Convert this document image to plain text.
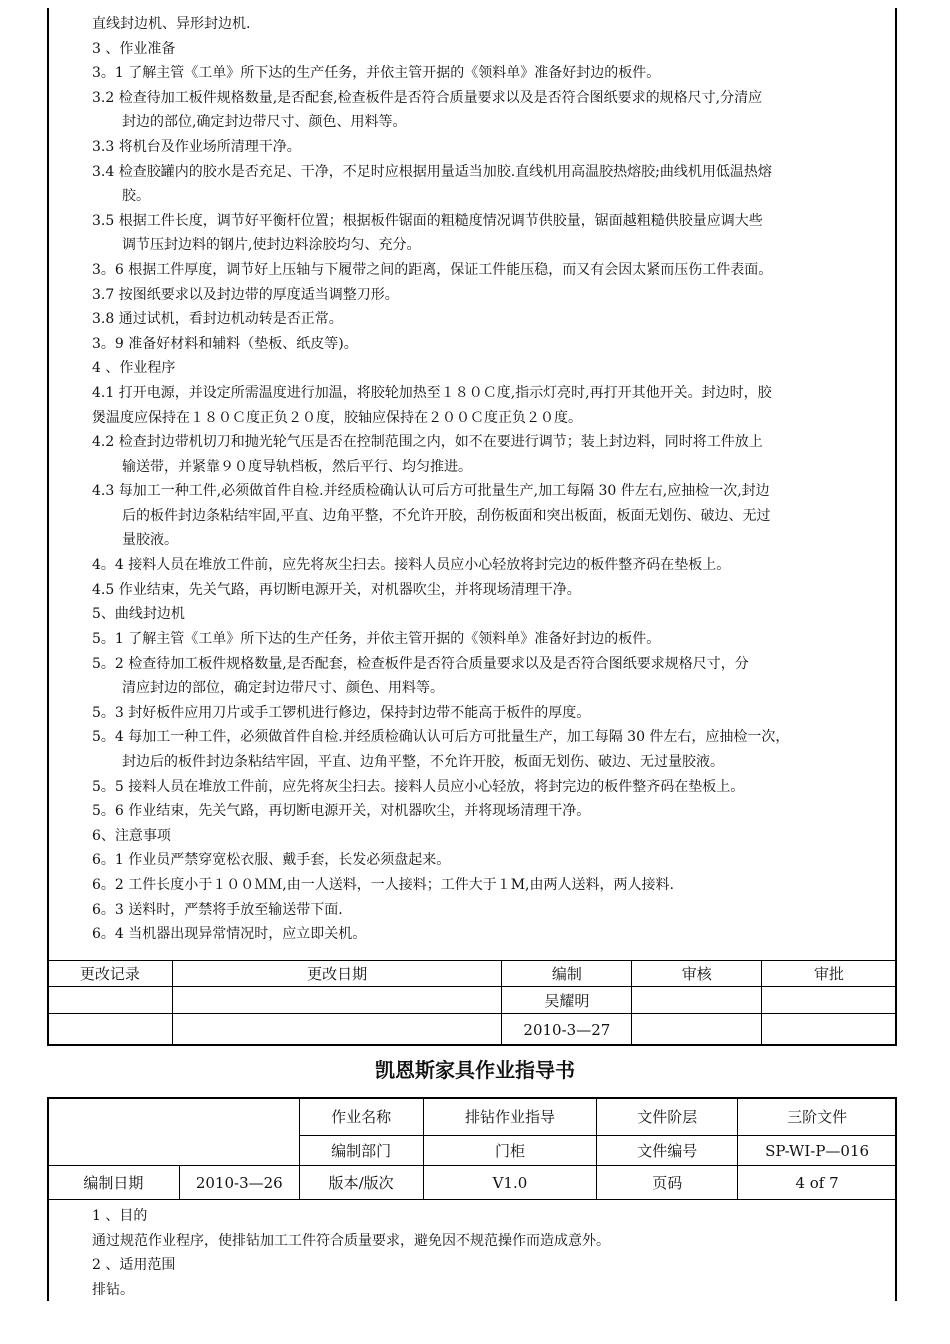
直线封边机、异形封边机.
3 、作业准备
3。1 了解主管《工单》所下达的生产任务，并依主管开据的《领料单》准备好封边的板件。
3.2 检查待加工板件规格数量,是否配套,检查板件是否符合质量要求以及是否符合图纸要求的规格尺寸,分清应
封边的部位,确定封边带尺寸、颜色、用料等。
3.3 将机台及作业场所清理干净。
3.4 检查胶罐内的胶水是否充足、干净，不足时应根据用量适当加胶.直线机用高温胶热熔胶;曲线机用低温热熔
胶。
3.5 根据工件长度，调节好平衡杆位置；根据板件锯面的粗糙度情况调节供胶量，锯面越粗糙供胶量应调大些
调节压封边料的钢片,使封边料涂胶均匀、充分。
3。6 根据工件厚度，调节好上压轴与下履带之间的距离，保证工件能压稳，而又有会因太紧而压伤工件表面。
3.7 按图纸要求以及封边带的厚度适当调整刀形。
3.8 通过试机，看封边机动转是否正常。
3。9 准备好材料和辅料（垫板、纸皮等)。
4 、作业程序
4.1 打开电源，并设定所需温度进行加温，将胶轮加热至１８０Ｃ度,指示灯亮时,再打开其他开关。封边时，胶
煲温度应保持在１８０Ｃ度正负２０度，胶轴应保持在２００Ｃ度正负２０度。
4.2 检查封边带机切刀和抛光轮气压是否在控制范围之内，如不在要进行调节；装上封边料，同时将工件放上
输送带，并紧靠９０度导轨档板，然后平行、均匀推进。
4.3 每加工一种工件,必须做首件自检.并经质检确认认可后方可批量生产,加工每隔 30 件左右,应抽检一次,封边
后的板件封边条粘结牢固,平直、边角平整，不允许开胶，刮伤板面和突出板面，板面无划伤、破边、无过
量胶液。
4。4 接料人员在堆放工件前，应先将灰尘扫去。接料人员应小心轻放将封完边的板件整齐码在垫板上。
4.5 作业结束，先关气路，再切断电源开关，对机器吹尘，并将现场清理干净。
5、曲线封边机
5。1 了解主管《工单》所下达的生产任务，并依主管开据的《领料单》准备好封边的板件。
5。2 检查待加工板件规格数量,是否配套，检查板件是否符合质量要求以及是否符合图纸要求规格尺寸，分
清应封边的部位，确定封边带尺寸、颜色、用料等。
5。3 封好板件应用刀片或手工锣机进行修边，保持封边带不能高于板件的厚度。
5。4 每加工一种工件，必须做首件自检.并经质检确认认可后方可批量生产，加工每隔 30 件左右，应抽检一次，
封边后的板件封边条粘结牢固，平直、边角平整，不允许开胶，板面无划伤、破边、无过量胶液。
5。5 接料人员在堆放工件前，应先将灰尘扫去。接料人员应小心轻放，将封完边的板件整齐码在垫板上。
5。6 作业结束，先关气路，再切断电源开关，对机器吹尘，并将现场清理干净。
6、注意事项
6。1 作业员严禁穿宽松衣服、戴手套，长发必须盘起来。
6。2 工件长度小于１００ＭＭ,由一人送料，一人接料；工件大于１M,由两人送料，两人接料.
6。3 送料时，严禁将手放至输送带下面.
6。4 当机器出现异常情况时，应立即关机。
更改记录	更改日期	编制	审核	审批
		吴耀明		
		2010-3—27		
凯恩斯家具作业指导书
		作业名称	排钻作业指导	文件阶层	三阶文件
		编制部门	门柜	文件编号	SP-WI-P—016
编制日期	2010-3—26	版本/版次	V1.0	页码	4 of 7
1 、目的
通过规范作业程序，使排钻加工工件符合质量要求，避免因不规范操作而造成意外。
2 、适用范围
排钻。
